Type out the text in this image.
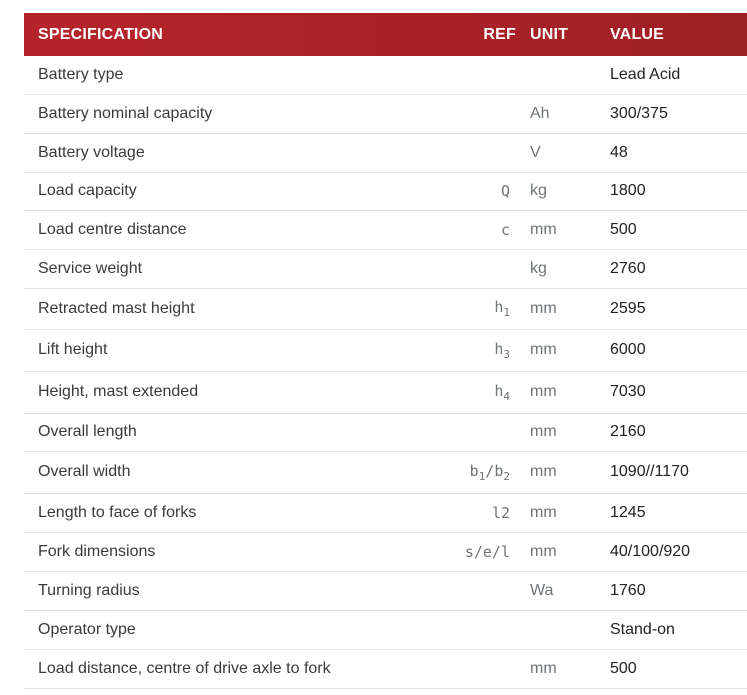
SPECIFICATION	REF	UNIT	VALUE
Battery type			Lead Acid
Battery nominal capacity		Ah	300/375
Battery voltage		V	48
Load capacity	Q	kg	1800
Load centre distance	c	mm	500
Service weight		kg	2760
Retracted mast height	$h_1$	mm	2595
Lift height	$h_3$	mm	6000
Height, mast extended	$h_4$	mm	7030
Overall length		mm	2160
Overall width	$b_1/b_2$	mm	1090//1170
Length to face of forks	l2	mm	1245
Fork dimensions	s/e/l	mm	40/100/920
Turning radius		Wa	1760
Operator type			Stand-on
Load distance, centre of drive axle to fork		mm	500
